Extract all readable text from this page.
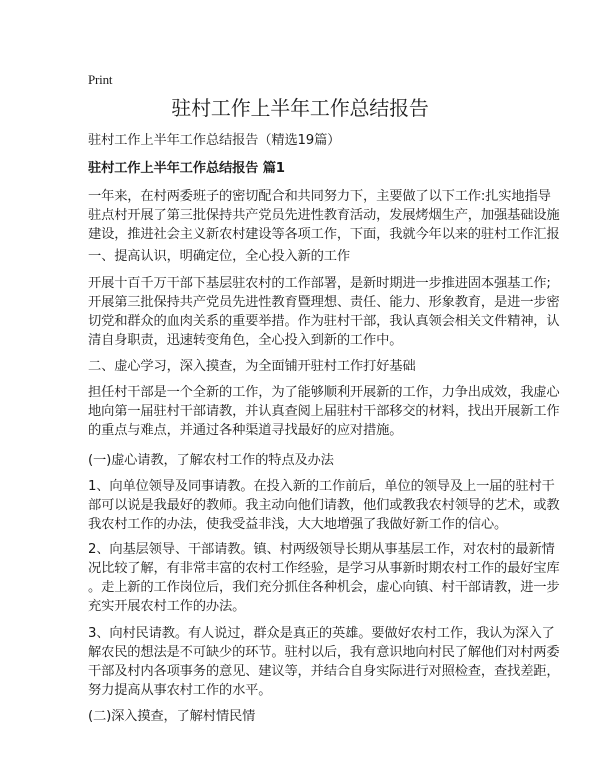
Print
驻村工作上半年工作总结报告
驻村工作上半年工作总结报告（精选19篇）
驻村工作上半年工作总结报告 篇1
一年来，在村两委班子的密切配合和共同努力下，主要做了以下工作:扎实地指导
驻点村开展了第三批保持共产党员先进性教育活动，发展烤烟生产，加强基础设施
建设，推进社会主义新农村建设等各项工作，下面，我就今年以来的驻村工作汇报
一、提高认识，明确定位，全心投入新的工作
开展十百千万干部下基层驻农村的工作部署，是新时期进一步推进固本强基工作;
开展第三批保持共产党员先进性教育暨理想、责任、能力、形象教育，是进一步密
切党和群众的血肉关系的重要举措。作为驻村干部，我认真领会相关文件精神，认
清自身职责，迅速转变角色，全心投入到新的工作中。
二、虚心学习，深入摸查，为全面铺开驻村工作打好基础
担任村干部是一个全新的工作，为了能够顺利开展新的工作，力争出成效，我虚心
地向第一届驻村干部请教，并认真查阅上届驻村干部移交的材料，找出开展新工作
的重点与难点，并通过各种渠道寻找最好的应对措施。
(一)虚心请教，了解农村工作的特点及办法
1、向单位领导及同事请教。在投入新的工作前后，单位的领导及上一届的驻村干
部可以说是我最好的教师。我主动向他们请教，他们或教我农村领导的艺术，或教
我农村工作的办法，使我受益非浅，大大地增强了我做好新工作的信心。
2、向基层领导、干部请教。镇、村两级领导长期从事基层工作，对农村的最新情
况比较了解，有非常丰富的农村工作经验，是学习从事新时期农村工作的最好宝库
。走上新的工作岗位后，我们充分抓住各种机会，虚心向镇、村干部请教，进一步
充实开展农村工作的办法。
3、向村民请教。有人说过，群众是真正的英雄。要做好农村工作，我认为深入了
解农民的想法是不可缺少的环节。驻村以后，我有意识地向村民了解他们对村两委
干部及村内各项事务的意见、建议等，并结合自身实际进行对照检查，查找差距，
努力提高从事农村工作的水平。
(二)深入摸查，了解村情民情
